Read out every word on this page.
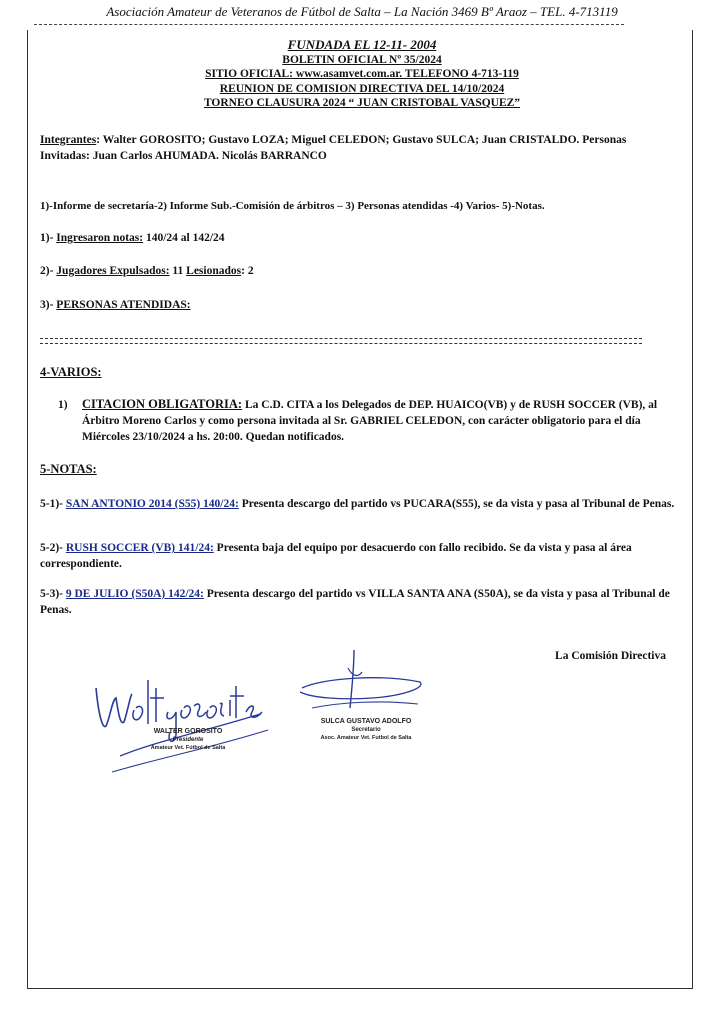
Asociación Amateur de Veteranos de Fútbol de Salta – La Nación 3469 Bº Araoz – TEL. 4-713119
FUNDADA EL 12-11- 2004
BOLETIN OFICIAL Nº 35/2024
SITIO OFICIAL: www.asamvet.com.ar. TELEFONO 4-713-119
REUNION DE COMISION DIRECTIVA DEL 14/10/2024
TORNEO CLAUSURA 2024 “ JUAN CRISTOBAL VASQUEZ”
Integrantes: Walter GOROSITO; Gustavo LOZA; Miguel CELEDON; Gustavo SULCA; Juan CRISTALDO. Personas Invitadas: Juan Carlos AHUMADA. Nicolás BARRANCO
1)-Informe de secretaría-2) Informe Sub.-Comisión de árbitros – 3) Personas atendidas -4) Varios- 5)-Notas.
1)- Ingresaron notas: 140/24 al 142/24
2)- Jugadores Expulsados: 11 Lesionados: 2
3)- PERSONAS ATENDIDAS:
4-VARIOS:
1) CITACION OBLIGATORIA: La C.D. CITA a los Delegados de DEP. HUAICO(VB) y de RUSH SOCCER (VB), al Árbitro Moreno Carlos y como persona invitada al Sr. GABRIEL CELEDON, con carácter obligatorio para el día Miércoles 23/10/2024 a hs. 20:00. Quedan notificados.
5-NOTAS:
5-1)- SAN ANTONIO 2014 (S55) 140/24: Presenta descargo del partido vs PUCARA(S55), se da vista y pasa al Tribunal de Penas.
5-2)- RUSH SOCCER (VB) 141/24: Presenta baja del equipo por desacuerdo con fallo recibido. Se da vista y pasa al área correspondiente.
5-3)- 9 DE JULIO (S50A) 142/24: Presenta descargo del partido vs VILLA SANTA ANA (S50A), se da vista y pasa al Tribunal de Penas.
La Comisión Directiva
WALTER GOROSITO
Presidente
Amateur Vet. Fútbol de Salta
SULCA GUSTAVO ADOLFO
Secretario
Asoc. Amateur Vet. Futbol de Salta
